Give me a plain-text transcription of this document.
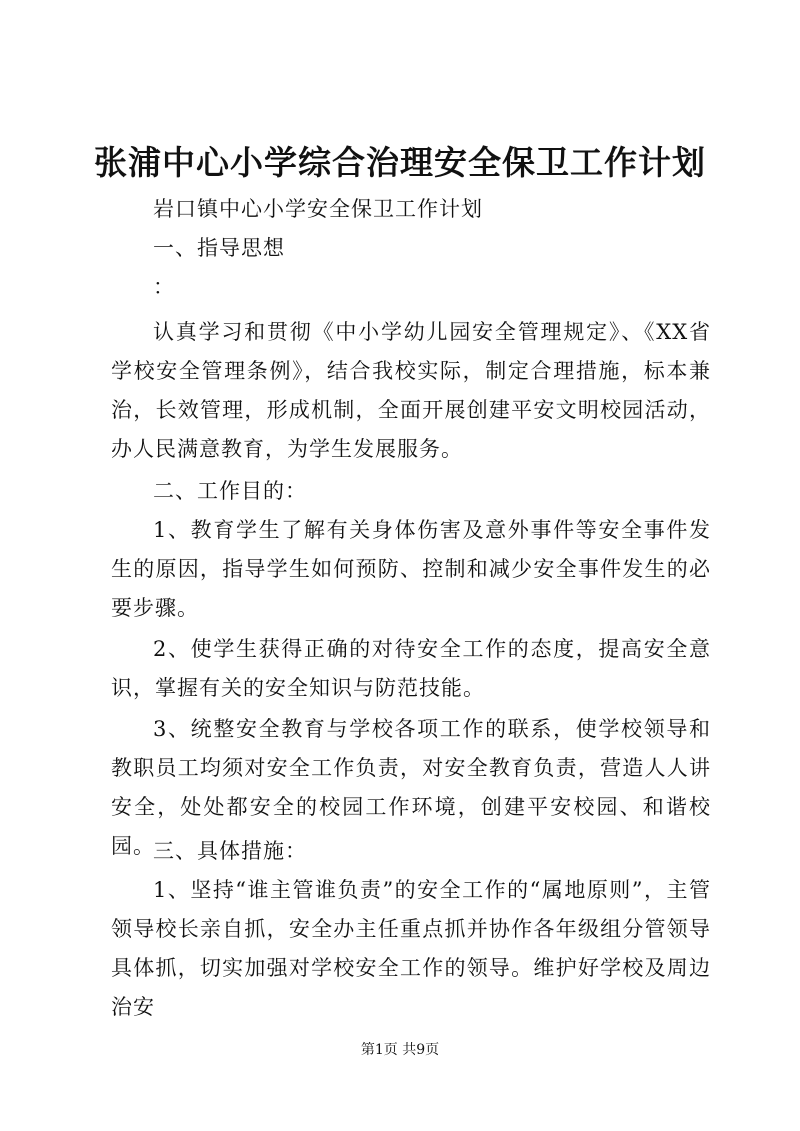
张浦中心小学综合治理安全保卫工作计划

岩口镇中心小学安全保卫工作计划

一、指导思想

：

认真学习和贯彻《中小学幼儿园安全管理规定》、《XX省学校安全管理条例》，结合我校实际，制定合理措施，标本兼治，长效管理，形成机制，全面开展创建平安文明校园活动，办人民满意教育，为学生发展服务。

二、工作目的：

1、教育学生了解有关身体伤害及意外事件等安全事件发生的原因，指导学生如何预防、控制和减少安全事件发生的必要步骤。

2、使学生获得正确的对待安全工作的态度，提高安全意识，掌握有关的安全知识与防范技能。

3、统整安全教育与学校各项工作的联系，使学校领导和教职员工均须对安全工作负责，对安全教育负责，营造人人讲安全，处处都安全的校园工作环境，创建平安校园、和谐校园。

三、具体措施：

1、坚持“谁主管谁负责”的安全工作的“属地原则”，主管领导校长亲自抓，安全办主任重点抓并协作各年级组分管领导具体抓，切实加强对学校安全工作的领导。维护好学校及周边治安

第1页 共9页
